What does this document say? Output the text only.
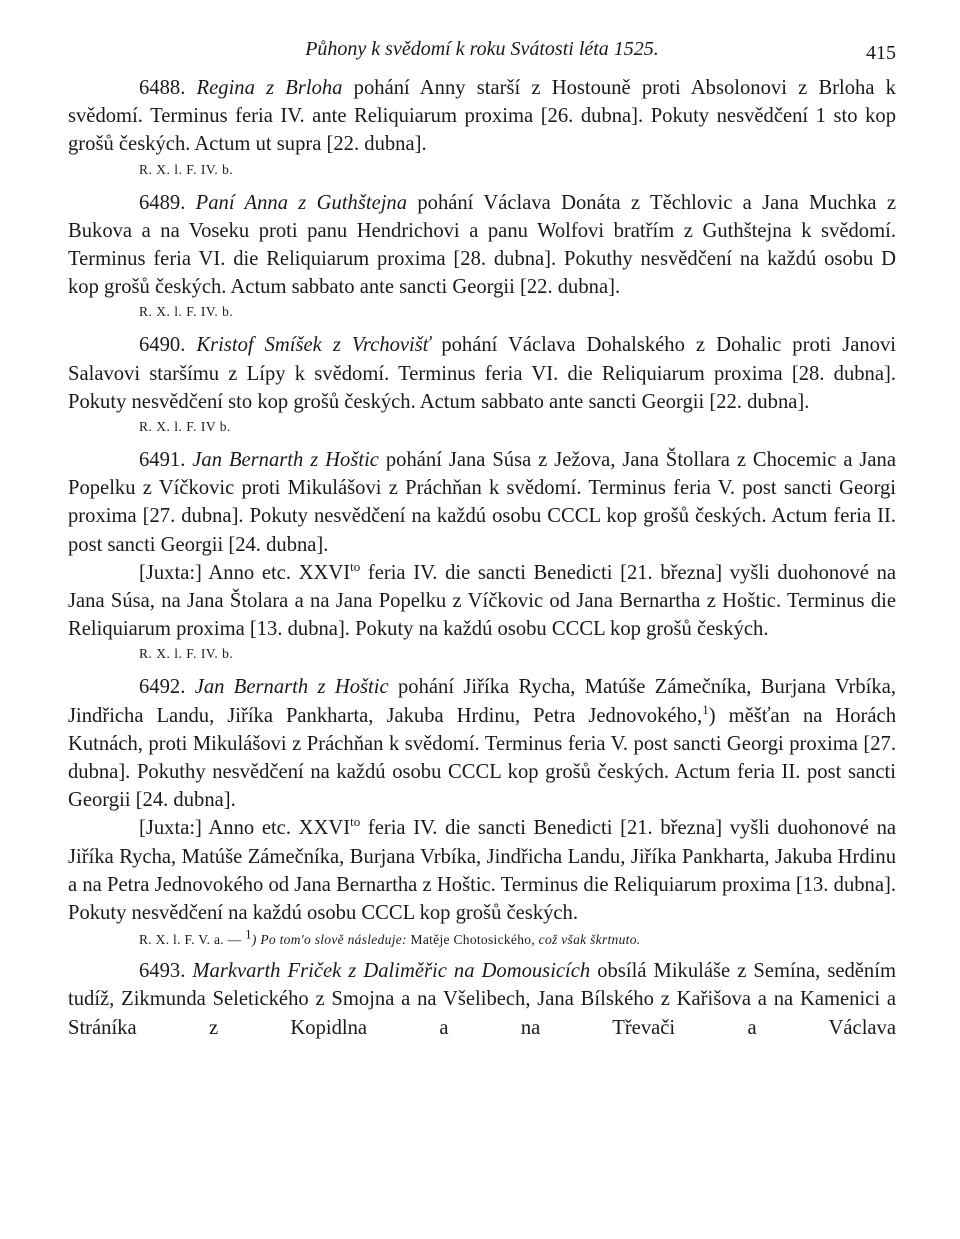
Půhony k svědomí k roku Svátosti léta 1525.	415

6488. Regina z Brloha pohání Anny starší z Hostouně proti Absolonovi z Brloha k svědomí. Terminus feria IV. ante Reliquiarum proxima [26. dubna]. Pokuty nesvědčení 1 sto kop grošů českých. Actum ut supra [22. dubna].

R. X. l. F. IV. b.

6489. Paní Anna z Guthštejna pohání Václava Donáta z Těchlovic a Jana Muchka z Bukova a na Voseku proti panu Hendrichovi a panu Wolfovi bratřím z Guthštejna k svědomí. Terminus feria VI. die Reliquiarum proxima [28. dubna]. Pokuthy nesvědčení na každú osobu D kop grošů českých. Actum sabbato ante sancti Georgii [22. dubna].

R. X. l. F. IV. b.

6490. Kristof Smíšek z Vrchovišť pohání Václava Dohalského z Dohalic proti Janovi Salavovi staršímu z Lípy k svědomí. Terminus feria VI. die Reliquiarum proxima [28. dubna]. Pokuty nesvědčení sto kop grošů českých. Actum sabbato ante sancti Georgii [22. dubna].

R. X. l. F. IV b.

6491. Jan Bernarth z Hoštic pohání Jana Súsa z Ježova, Jana Štollara z Chocemic a Jana Popelku z Víčkovic proti Mikulášovi z Práchňan k svědomí. Terminus feria V. post sancti Georgi proxima [27. dubna]. Pokuty nesvědčení na každú osobu CCCL kop grošů českých. Actum feria II. post sancti Georgii [24. dubna].

[Juxta:] Anno etc. $XXVI^{to}$ feria IV. die sancti Benedicti [21. března] vyšli duohonové na Jana Súsa, na Jana Štolara a na Jana Popelku z Víčkovic od Jana Bernartha z Hoštic. Terminus die Reliquiarum proxima [13. dubna]. Pokuty na každú osobu CCCL kop grošů českých.

R. X. l. F. IV. b.

6492. Jan Bernarth z Hoštic pohání Jiříka Rycha, Matúše Zámečníka, Burjana Vrbíka, Jindřicha Landu, Jiříka Pankharta, Jakuba Hrdinu, Petra Jednovokého,$^1$) měšťan na Horách Kutnách, proti Mikulášovi z Práchňan k svědomí. Terminus feria V. post sancti Georgi proxima [27. dubna]. Pokuthy nesvědčení na každú osobu CCCL kop grošů českých. Actum feria II. post sancti Georgii [24. dubna].

[Juxta:] Anno etc. $XXVI^{to}$ feria IV. die sancti Benedicti [21. března] vyšli duohonové na Jiříka Rycha, Matúše Zámečníka, Burjana Vrbíka, Jindřicha Landu, Jiříka Pankharta, Jakuba Hrdinu a na Petra Jednovokého od Jana Bernartha z Hoštic. Terminus die Reliquiarum proxima [13. dubna]. Pokuty nesvědčení na každú osobu CCCL kop grošů českých.

R. X. l. F. V. a. — $^1$) Po tom'o slově následuje: Matěje Chotosického, což však škrtnuto.

6493. Markvarth Friček z Daliměřic na Domousicích obsílá Mikuláše z Semína, seděním tudíž, Zikmunda Seletického z Smojna a na Všelibech, Jana Bílského z Kařišova a na Kamenici a Stráníka z Kopidlna a na Třevači a Václava
